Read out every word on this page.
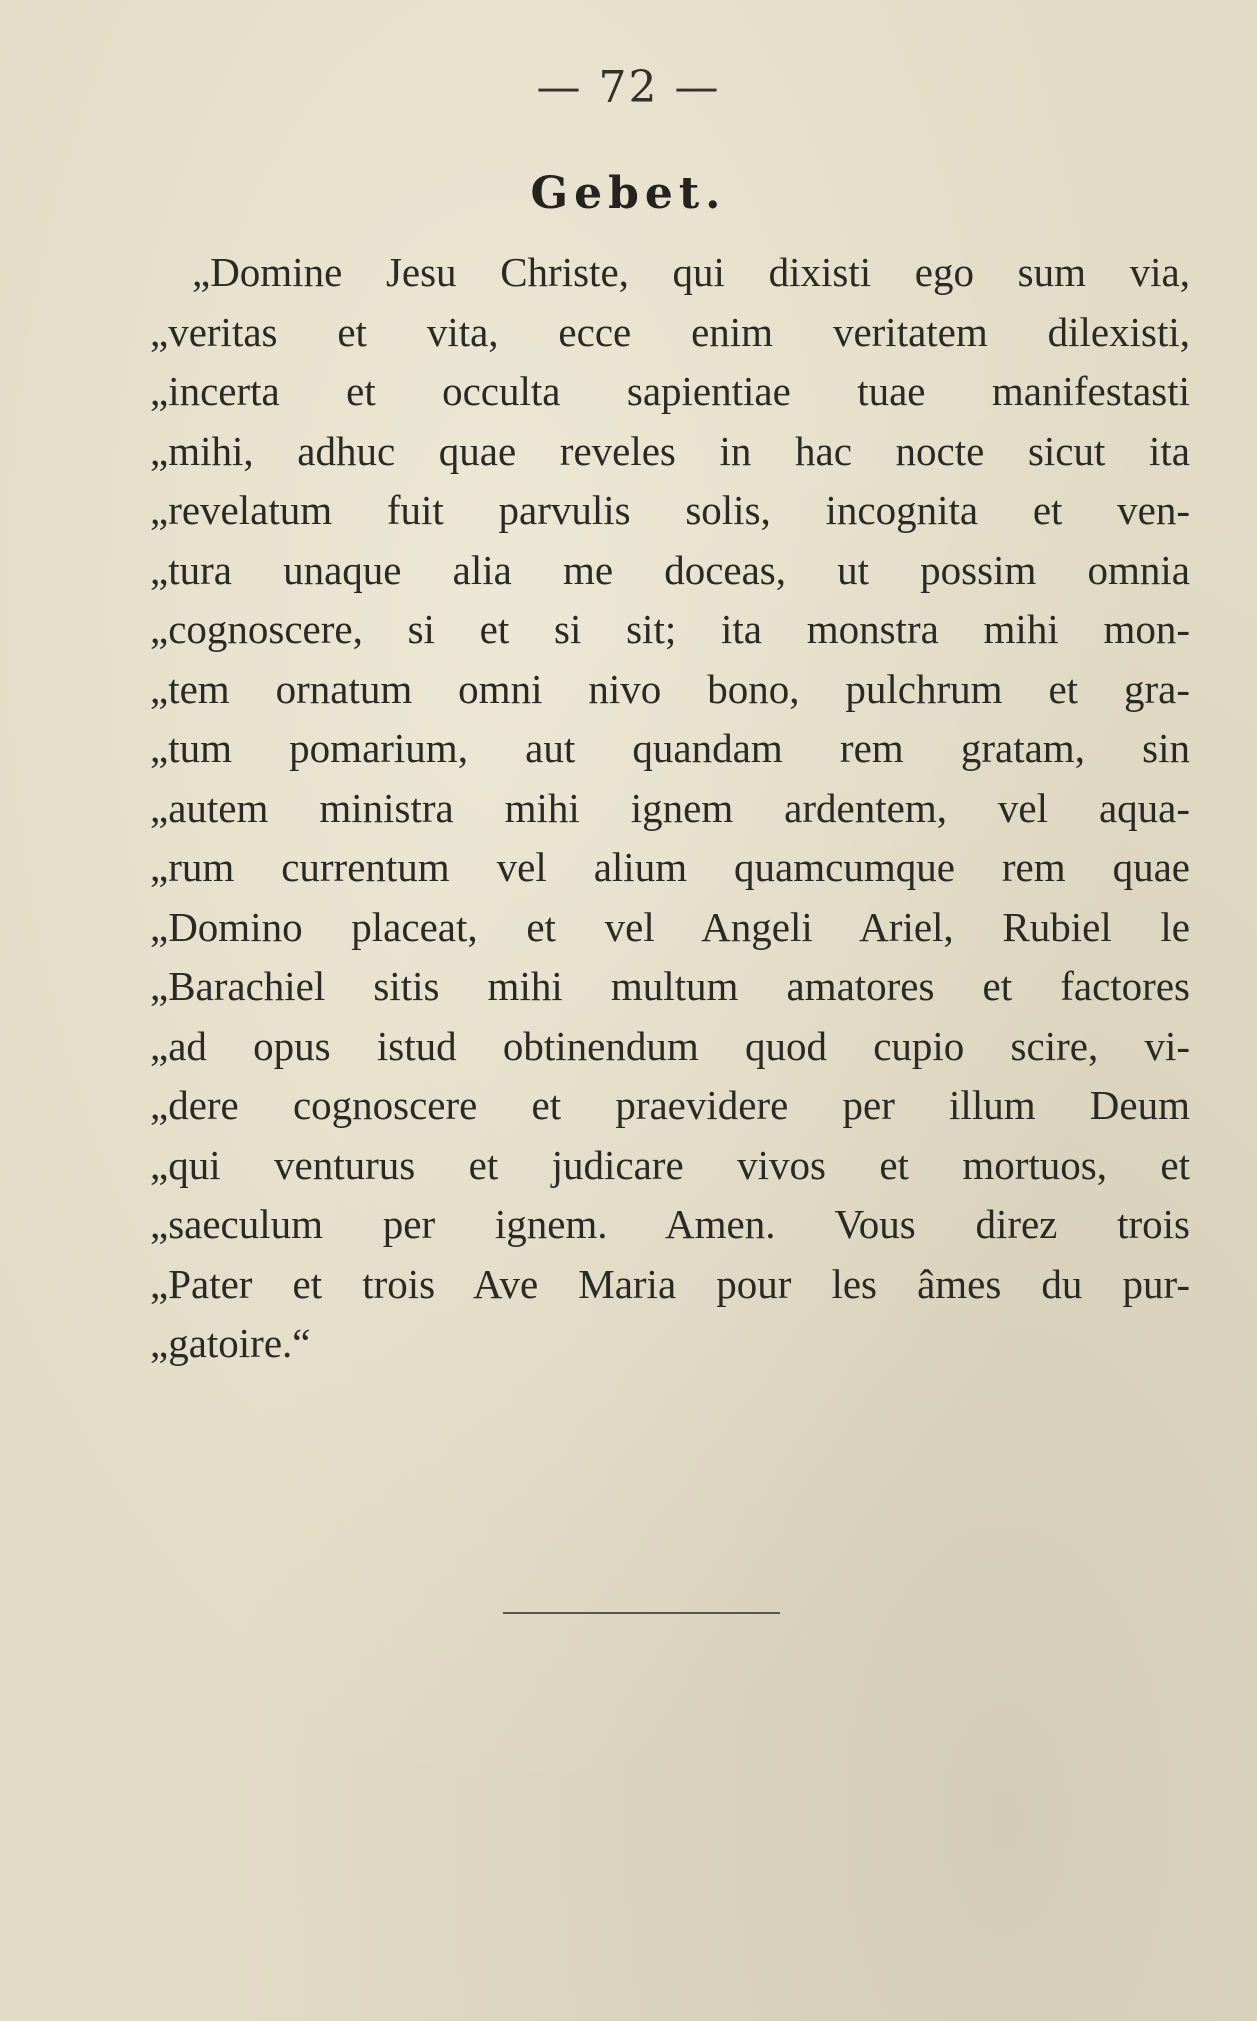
— 72 —
Gebet.
„Domine Jesu Christe, qui dixisti ego sum via,
„veritas et vita, ecce enim veritatem dilexisti,
„incerta et occulta sapientiae tuae manifestasti
„mihi, adhuc quae reveles in hac nocte sicut ita
„revelatum fuit parvulis solis, incognita et ven-
„tura unaque alia me doceas, ut possim omnia
„cognoscere, si et si sit; ita monstra mihi mon-
„tem ornatum omni nivo bono, pulchrum et gra-
„tum pomarium, aut quandam rem gratam, sin
„autem ministra mihi ignem ardentem, vel aqua-
„rum currentum vel alium quamcumque rem quae
„Domino placeat, et vel Angeli Ariel, Rubiel le
„Barachiel sitis mihi multum amatores et factores
„ad opus istud obtinendum quod cupio scire, vi-
„dere cognoscere et praevidere per illum Deum
„qui venturus et judicare vivos et mortuos, et
„saeculum per ignem. Amen. Vous direz trois
„Pater et trois Ave Maria pour les âmes du pur-
„gatoire.“
